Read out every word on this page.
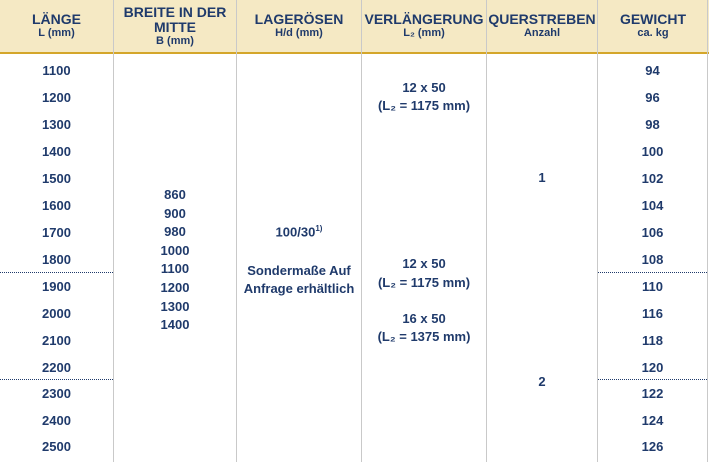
LÄNGE
L (mm)
BREITE IN DER
MITTE
B (mm)
LAGERÖSEN
H/d (mm)
VERLÄNGERUNG
L₂ (mm)
QUERSTREBEN
Anzahl
GEWICHT
ca. kg
1100
1200
1300
1400
1500
1600
1700
1800
1900
2000
2100
2200
2300
2400
2500
860
900
980
1000
1100
1200
1300
1400
100/30$^{1)}$
Sondermaße Auf
Anfrage erhältlich
12 x 50
(L₂ = 1175 mm)
12 x 50
(L₂ = 1175 mm)
16 x 50
(L₂ = 1375 mm)
1
2
94
96
98
100
102
104
106
108
110
116
118
120
122
124
126
